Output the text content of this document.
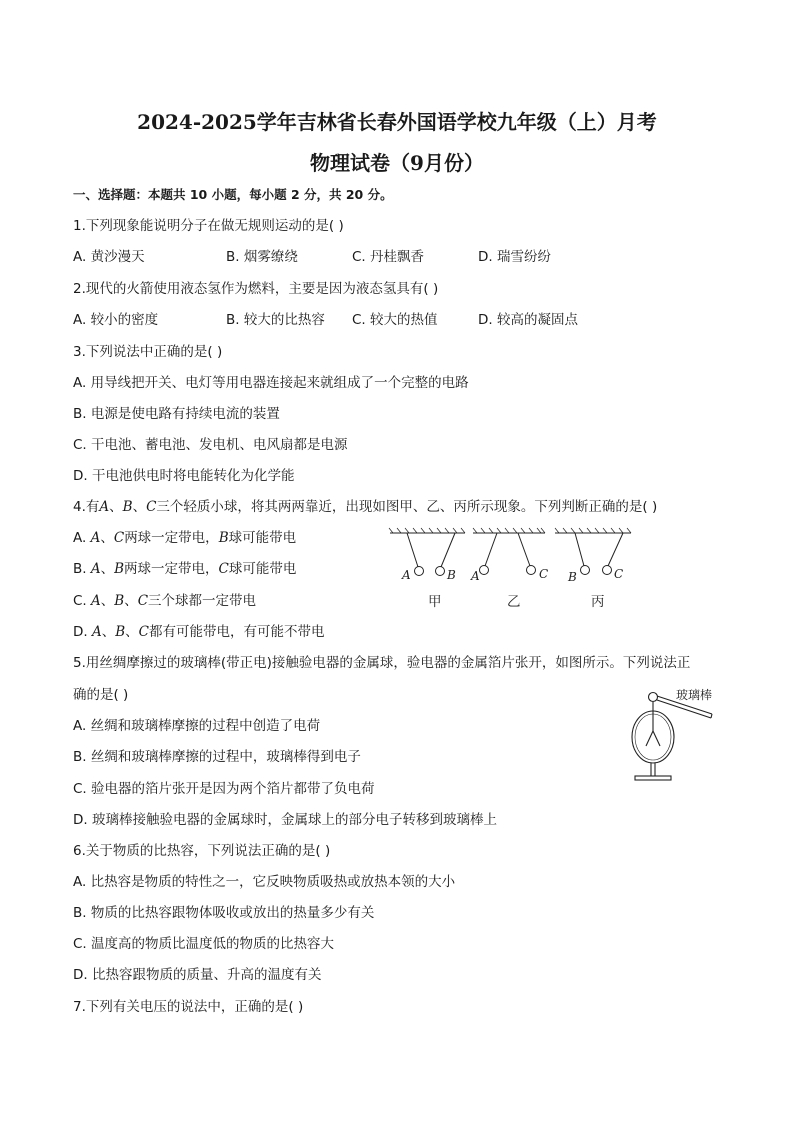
2024-2025学年吉林省长春外国语学校九年级（上）月考
物理试卷（9月份）
一、选择题：本题共 10 小题，每小题 2 分，共 20 分。
1.下列现象能说明分子在做无规则运动的是( )
A. 黄沙漫天	B. 烟雾缭绕	C. 丹桂飘香	D. 瑞雪纷纷
2.现代的火箭使用液态氢作为燃料，主要是因为液态氢具有( )
A. 较小的密度	B. 较大的比热容 C. 较大的热值	D. 较高的凝固点
3.下列说法中正确的是( )
A. 用导线把开关、电灯等用电器连接起来就组成了一个完整的电路
B. 电源是使电路有持续电流的装置
C. 干电池、蓄电池、发电机、电风扇都是电源
D. 干电池供电时将电能转化为化学能
4.有A、B、C三个轻质小球，将其两两靠近，出现如图甲、乙、丙所示现象。下列判断正确的是( )
A. A、C两球一定带电，B球可能带电
B. A、B两球一定带电，C球可能带电
C. A、B、C三个球都一定带电
D. A、B、C都有可能带电，有可能不带电
A	B A	C B	C
甲	乙	丙
5.用丝绸摩擦过的玻璃棒(带正电)接触验电器的金属球，验电器的金属箔片张开，如图所示。下列说法正
确的是( )
A. 丝绸和玻璃棒摩擦的过程中创造了电荷
B. 丝绸和玻璃棒摩擦的过程中，玻璃棒得到电子
C. 验电器的箔片张开是因为两个箔片都带了负电荷
D. 玻璃棒接触验电器的金属球时，金属球上的部分电子转移到玻璃棒上
玻璃棒
6.关于物质的比热容，下列说法正确的是( )
A. 比热容是物质的特性之一，它反映物质吸热或放热本领的大小
B. 物质的比热容跟物体吸收或放出的热量多少有关
C. 温度高的物质比温度低的物质的比热容大
D. 比热容跟物质的质量、升高的温度有关
7.下列有关电压的说法中，正确的是( )
